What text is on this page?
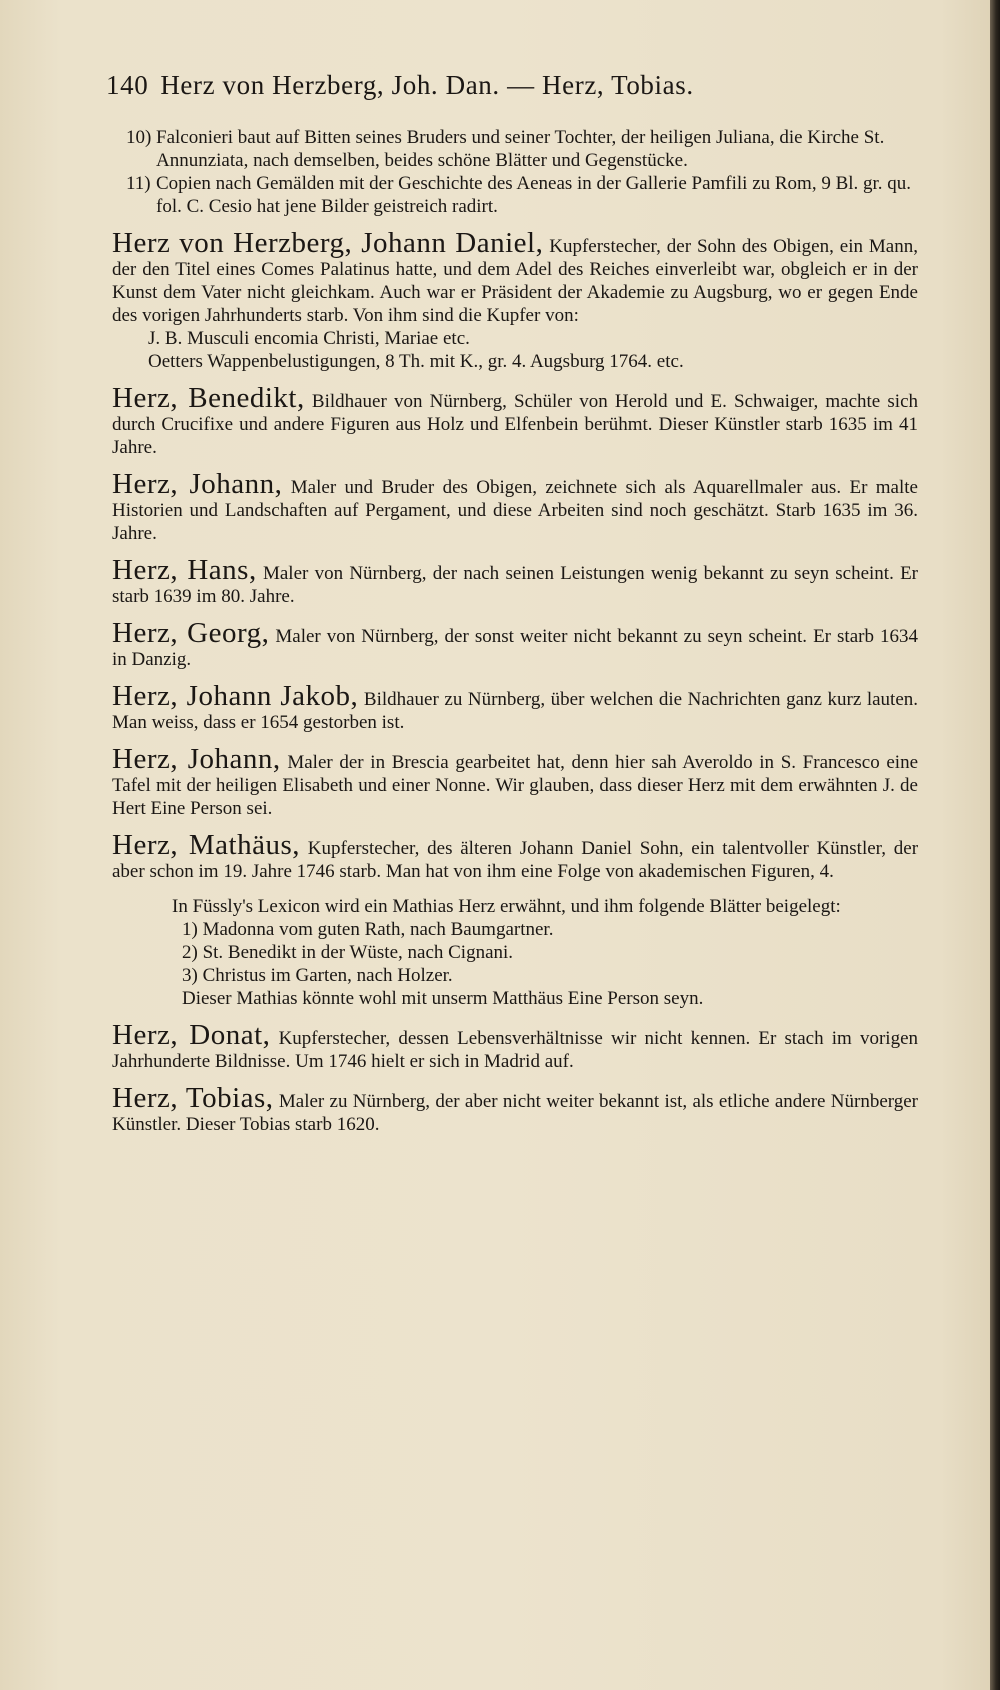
140 Herz von Herzberg, Joh. Dan. — Herz, Tobias.
10) Falconieri baut auf Bitten seines Bruders und seiner Tochter, der heiligen Juliana, die Kirche St. Annunziata, nach demselben, beides schöne Blätter und Gegenstücke.
11) Copien nach Gemälden mit der Geschichte des Aeneas in der Gallerie Pamfili zu Rom, 9 Bl. gr. qu. fol. C. Cesio hat jene Bilder geistreich radirt.
Herz von Herzberg, Johann Daniel, Kupferstecher, der Sohn des Obigen, ein Mann, der den Titel eines Comes Palatinus hatte, und dem Adel des Reiches einverleibt war, obgleich er in der Kunst dem Vater nicht gleichkam. Auch war er Präsident der Akademie zu Augsburg, wo er gegen Ende des vorigen Jahrhunderts starb. Von ihm sind die Kupfer von:
J. B. Musculi encomia Christi, Mariae etc.
Oetters Wappenbelustigungen, 8 Th. mit K., gr. 4. Augsburg 1764. etc.
Herz, Benedikt, Bildhauer von Nürnberg, Schüler von Herold und E. Schwaiger, machte sich durch Crucifixe und andere Figuren aus Holz und Elfenbein berühmt. Dieser Künstler starb 1635 im 41 Jahre.
Herz, Johann, Maler und Bruder des Obigen, zeichnete sich als Aquarellmaler aus. Er malte Historien und Landschaften auf Pergament, und diese Arbeiten sind noch geschätzt. Starb 1635 im 36. Jahre.
Herz, Hans, Maler von Nürnberg, der nach seinen Leistungen wenig bekannt zu seyn scheint. Er starb 1639 im 80. Jahre.
Herz, Georg, Maler von Nürnberg, der sonst weiter nicht bekannt zu seyn scheint. Er starb 1634 in Danzig.
Herz, Johann Jakob, Bildhauer zu Nürnberg, über welchen die Nachrichten ganz kurz lauten. Man weiss, dass er 1654 gestorben ist.
Herz, Johann, Maler der in Brescia gearbeitet hat, denn hier sah Averoldo in S. Francesco eine Tafel mit der heiligen Elisabeth und einer Nonne. Wir glauben, dass dieser Herz mit dem erwähnten J. de Hert Eine Person sei.
Herz, Mathäus, Kupferstecher, des älteren Johann Daniel Sohn, ein talentvoller Künstler, der aber schon im 19. Jahre 1746 starb. Man hat von ihm eine Folge von akademischen Figuren, 4.
In Füssly's Lexicon wird ein Mathias Herz erwähnt, und ihm folgende Blätter beigelegt:
1) Madonna vom guten Rath, nach Baumgartner.
2) St. Benedikt in der Wüste, nach Cignani.
3) Christus im Garten, nach Holzer.
Dieser Mathias könnte wohl mit unserm Matthäus Eine Person seyn.
Herz, Donat, Kupferstecher, dessen Lebensverhältnisse wir nicht kennen. Er stach im vorigen Jahrhunderte Bildnisse. Um 1746 hielt er sich in Madrid auf.
Herz, Tobias, Maler zu Nürnberg, der aber nicht weiter bekannt ist, als etliche andere Nürnberger Künstler. Dieser Tobias starb 1620.
